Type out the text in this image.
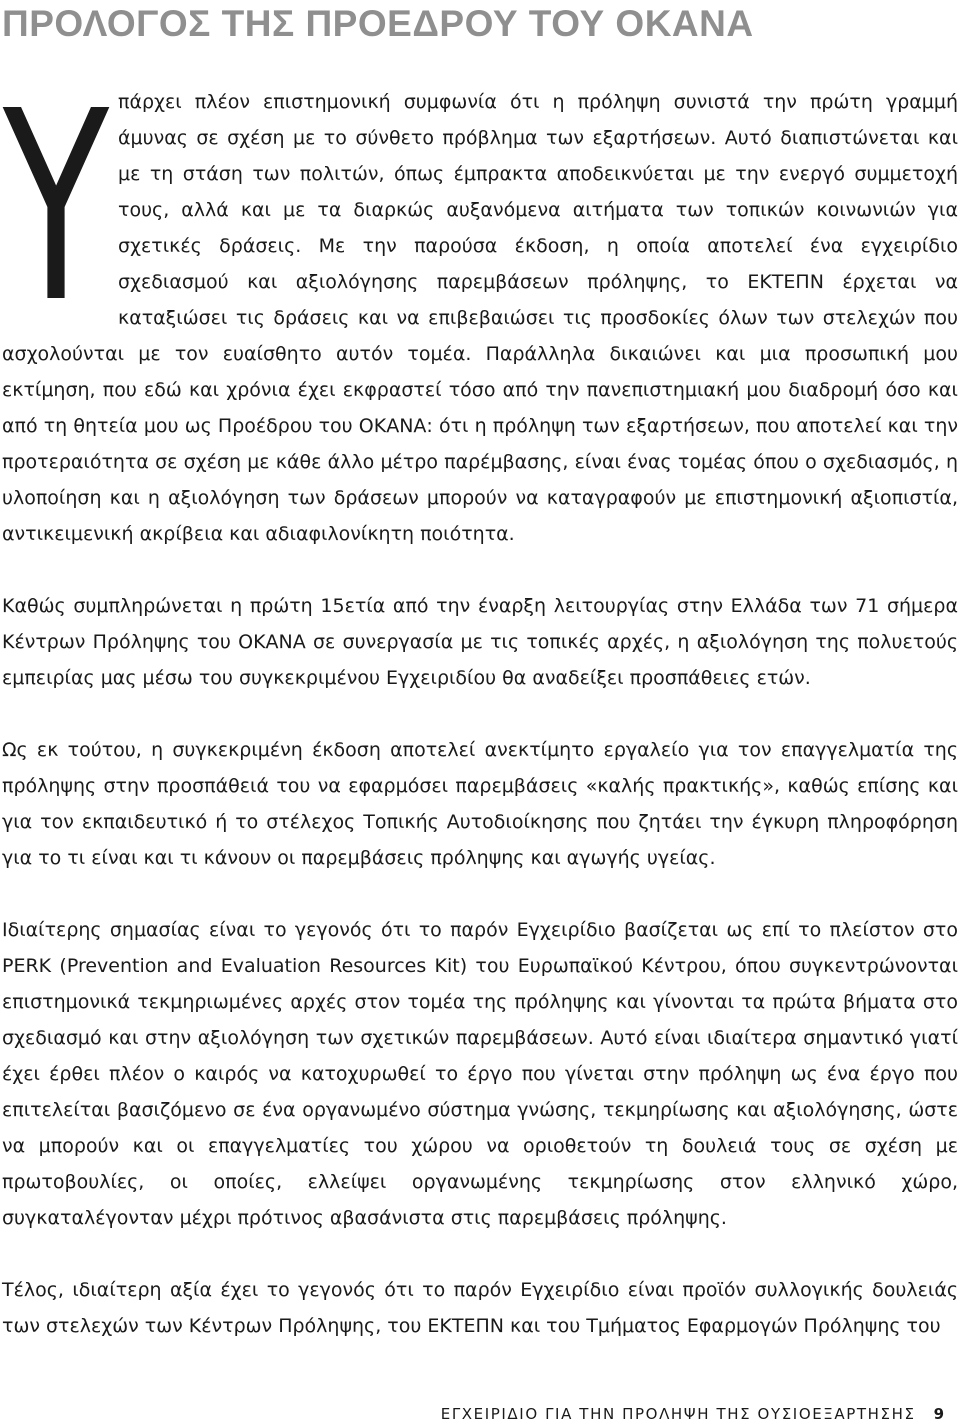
ΠΡΟΛΟΓΟΣ ΤΗΣ ΠΡΟΕΔΡΟΥ ΤΟΥ ΟΚΑΝΑ

Υ πάρχει πλέον επιστημονική συμφωνία ότι η πρόληψη συνιστά την πρώτη γραμμή άμυνας σε σχέση με το σύνθετο πρόβλημα των εξαρτήσεων. Αυτό διαπιστώνεται και με τη στάση των πολιτών, όπως έμπρακτα αποδεικνύεται με την ενεργό συμμετοχή τους, αλλά και με τα διαρκώς αυξανόμενα αιτήματα των τοπικών κοινωνιών για σχετικές δράσεις. Με την παρούσα έκδοση, η οποία αποτελεί ένα εγχειρίδιο σχεδιασμού και αξιολόγησης παρεμβάσεων πρόληψης, το ΕΚΤΕΠΝ έρχεται να καταξιώσει τις δράσεις και να επιβεβαιώσει τις προσδοκίες όλων των στελεχών που ασχολούνται με τον ευαίσθητο αυτόν τομέα. Παράλληλα δικαιώνει και μια προσωπική μου εκτίμηση, που εδώ και χρόνια έχει εκφραστεί τόσο από την πανεπιστημιακή μου διαδρομή όσο και από τη θητεία μου ως Προέδρου του ΟΚΑΝΑ: ότι η πρόληψη των εξαρτήσεων, που αποτελεί και την προτεραιότητα σε σχέση με κάθε άλλο μέτρο παρέμβασης, είναι ένας τομέας όπου ο σχεδιασμός, η υλοποίηση και η αξιολόγηση των δράσεων μπορούν να καταγραφούν με επιστημονική αξιοπιστία, αντικειμενική ακρίβεια και αδιαφιλονίκητη ποιότητα.

Καθώς συμπληρώνεται η πρώτη 15ετία από την έναρξη λειτουργίας στην Ελλάδα των 71 σήμερα Κέντρων Πρόληψης του ΟΚΑΝΑ σε συνεργασία με τις τοπικές αρχές, η αξιολόγηση της πολυετούς εμπειρίας μας μέσω του συγκεκριμένου Εγχειριδίου θα αναδείξει προσπάθειες ετών.

Ως εκ τούτου, η συγκεκριμένη έκδοση αποτελεί ανεκτίμητο εργαλείο για τον επαγγελματία της πρόληψης στην προσπάθειά του να εφαρμόσει παρεμβάσεις «καλής πρακτικής», καθώς επίσης και για τον εκπαιδευτικό ή το στέλεχος Τοπικής Αυτοδιοίκησης που ζητάει την έγκυρη πληροφόρηση για το τι είναι και τι κάνουν οι παρεμβάσεις πρόληψης και αγωγής υγείας.

Ιδιαίτερης σημασίας είναι το γεγονός ότι το παρόν Εγχειρίδιο βασίζεται ως επί το πλείστον στο PERK (Prevention and Evaluation Resources Kit) του Ευρωπαϊκού Κέντρου, όπου συγκεντρώνονται επιστημονικά τεκμηριωμένες αρχές στον τομέα της πρόληψης και γίνονται τα πρώτα βήματα στο σχεδιασμό και στην αξιολόγηση των σχετικών παρεμβάσεων. Αυτό είναι ιδιαίτερα σημαντικό γιατί έχει έρθει πλέον ο καιρός να κατοχυρωθεί το έργο που γίνεται στην πρόληψη ως ένα έργο που επιτελείται βασιζόμενο σε ένα οργανωμένο σύστημα γνώσης, τεκμηρίωσης και αξιολόγησης, ώστε να μπορούν και οι επαγγελματίες του χώρου να οριοθετούν τη δουλειά τους σε σχέση με πρωτοβουλίες, οι οποίες, ελλείψει οργανωμένης τεκμηρίωσης στον ελληνικό χώρο, συγκαταλέγονταν μέχρι πρότινος αβασάνιστα στις παρεμβάσεις πρόληψης.

Τέλος, ιδιαίτερη αξία έχει το γεγονός ότι το παρόν Εγχειρίδιο είναι προϊόν συλλογικής δουλειάς των στελεχών των Κέντρων Πρόληψης, του ΕΚΤΕΠΝ και του Τμήματος Εφαρμογών Πρόληψης του

ΕΓΧΕΙΡΙΔΙΟ ΓΙΑ ΤΗΝ ΠΡΟΛΗΨΗ ΤΗΣ ΟΥΣΙΟΕΞΑΡΤΗΣΗΣ 9
